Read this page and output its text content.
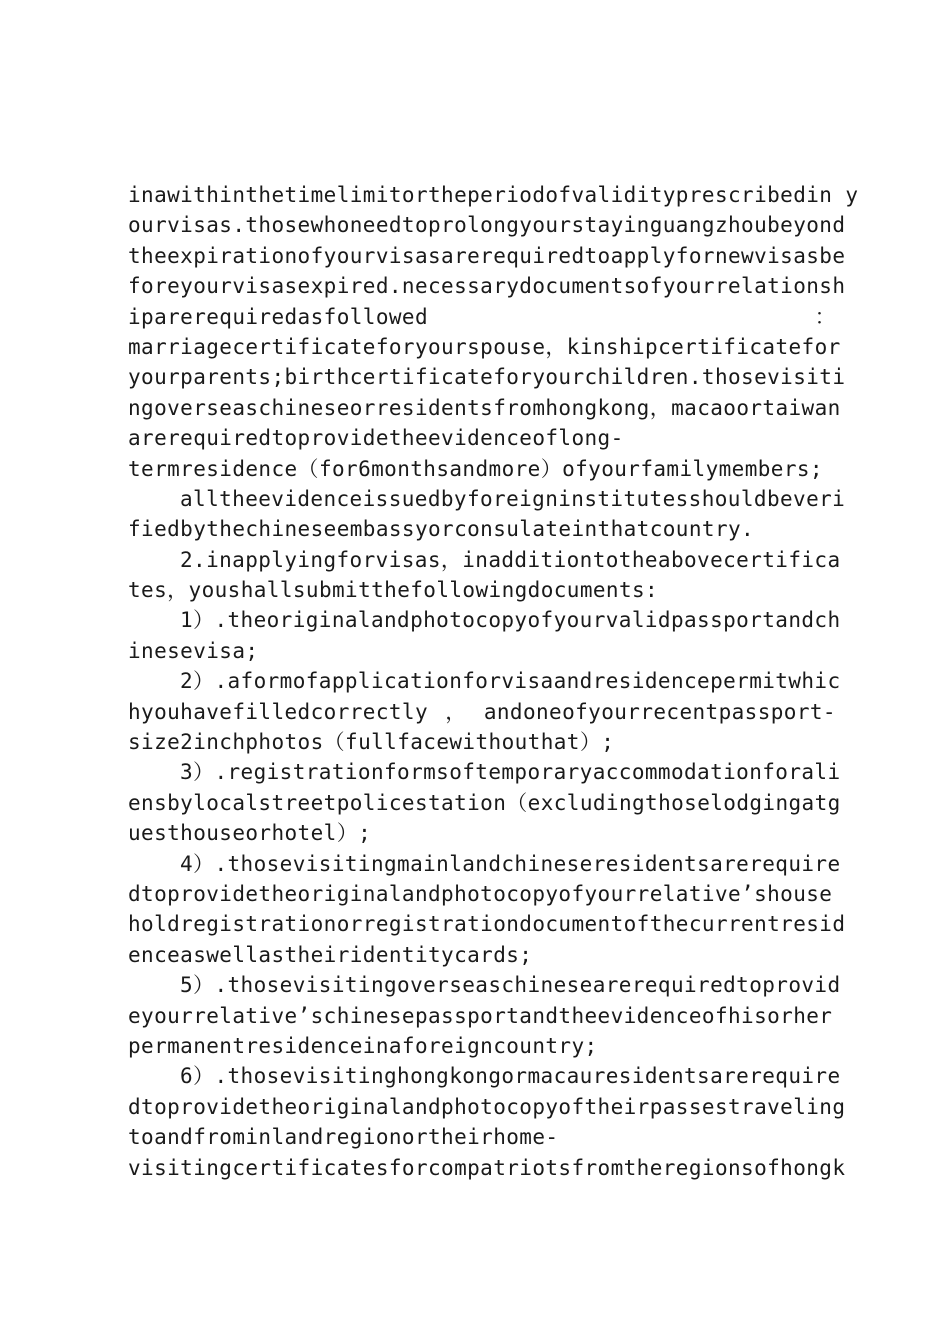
inawithinthetimelimitortheperiodofvalidityprescribedin y
ourvisas.thosewhoneedtoprolongyourstayinguangzhoubeyond
theexpirationofyourvisasarerequiredtoapplyfornewvisasbe
foreyourvisasexpired.necessarydocumentsofyourrelationsh
iparerequiredasfollowed	：
marriagecertificateforyourspouse，kinshipcertificatefor
yourparents;birthcertificateforyourchildren.thosevisiti
ngoverseaschineseorresidentsfromhongkong，macaoortaiwan
arerequiredtoprovidetheevidenceoflong-
termresidence（for6monthsandmore）ofyourfamilymembers;
alltheevidenceissuedbyforeigninstitutesshouldbeveri
fiedbythechineseembassyorconsulateinthatcountry.
2.inapplyingforvisas，inadditiontotheabovecertifica
tes，youshallsubmitthefollowingdocuments:
1）.theoriginalandphotocopyofyourvalidpassportandch
inesevisa;
2）.aformofapplicationforvisaandresidencepermitwhic
hyouhavefilledcorrectly ， andoneofyourrecentpassport-
size2inchphotos（fullfacewithouthat）;
3）.registrationformsoftemporaryaccommodationforali
ensbylocalstreetpolicestation（excludingthoselodgingatg
uesthouseorhotel）;
4）.thosevisitingmainlandchineseresidentsarerequire
dtoprovidetheoriginalandphotocopyofyourrelative’shouse
holdregistrationorregistrationdocumentofthecurrentresid
enceaswellastheiridentitycards;
5）.thosevisitingoverseaschinesearerequiredtoprovid
eyourrelative’schinesepassportandtheevidenceofhisorher
permanentresidenceinaforeigncountry;
6）.thosevisitinghongkongormacauresidentsarerequire
dtoprovidetheoriginalandphotocopyoftheirpassestraveling
toandfrominlandregionortheirhome-
visitingcertificatesforcompatriotsfromtheregionsofhongk
